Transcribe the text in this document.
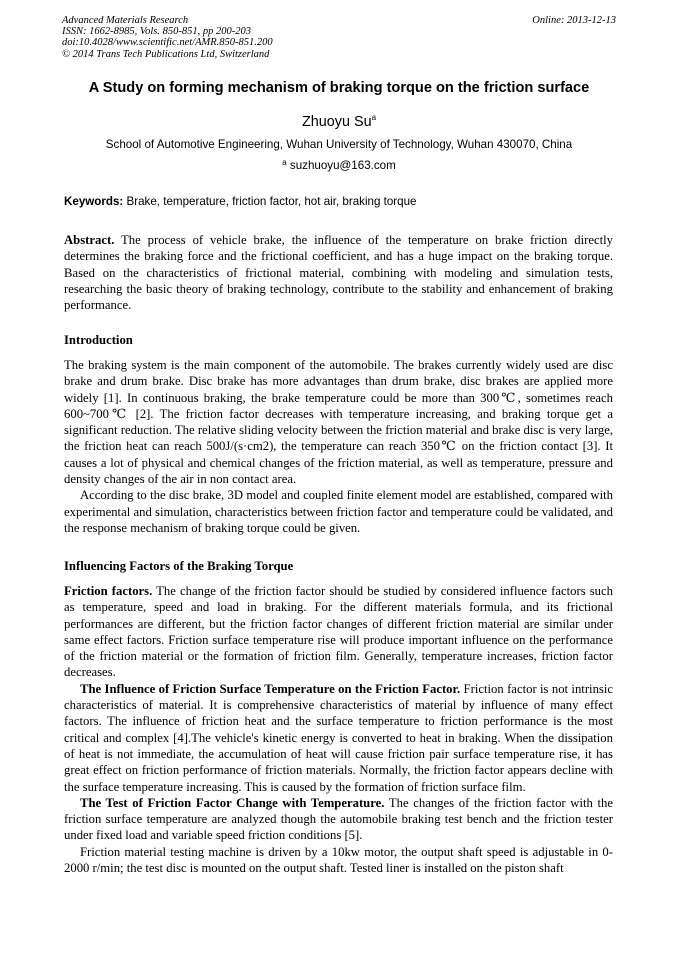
Advanced Materials Research
ISSN: 1662-8985, Vols. 850-851, pp 200-203
doi:10.4028/www.scientific.net/AMR.850-851.200
© 2014 Trans Tech Publications Ltd, Switzerland
Online: 2013-12-13
A Study on forming mechanism of braking torque on the friction surface
Zhuoyu Su$^a$
School of Automotive Engineering, Wuhan University of Technology, Wuhan 430070, China
$^a$ suzhuoyu@163.com
Keywords: Brake, temperature, friction factor, hot air, braking torque

Abstract. The process of vehicle brake, the influence of the temperature on brake friction directly determines the braking force and the frictional coefficient, and has a huge impact on the braking torque. Based on the characteristics of frictional material, combining with modeling and simulation tests, researching the basic theory of braking technology, contribute to the stability and enhancement of braking performance.

Introduction

The braking system is the main component of the automobile. The brakes currently widely used are disc brake and drum brake. Disc brake has more advantages than drum brake, disc brakes are applied more widely [1]. In continuous braking, the brake temperature could be more than 300℃, sometimes reach 600~700℃ [2]. The friction factor decreases with temperature increasing, and braking torque get a significant reduction. The relative sliding velocity between the friction material and brake disc is very large, the friction heat can reach 500J/(s·cm2), the temperature can reach 350℃ on the friction contact [3]. It causes a lot of physical and chemical changes of the friction material, as well as temperature, pressure and density changes of the air in non contact area.

According to the disc brake, 3D model and coupled finite element model are established, compared with experimental and simulation, characteristics between friction factor and temperature could be validated, and the response mechanism of braking torque could be given.

Influencing Factors of the Braking Torque

Friction factors. The change of the friction factor should be studied by considered influence factors such as temperature, speed and load in braking. For the different materials formula, and its frictional performances are different, but the friction factor changes of different friction material are similar under same effect factors. Friction surface temperature rise will produce important influence on the performance of the friction material or the formation of friction film. Generally, temperature increases, friction factor decreases.

The Influence of Friction Surface Temperature on the Friction Factor. Friction factor is not intrinsic characteristics of material. It is comprehensive characteristics of material by influence of many effect factors. The influence of friction heat and the surface temperature to friction performance is the most critical and complex [4].The vehicle's kinetic energy is converted to heat in braking. When the dissipation of heat is not immediate, the accumulation of heat will cause friction pair surface temperature rise, it has great effect on friction performance of friction materials. Normally, the friction factor appears decline with the surface temperature increasing. This is caused by the formation of friction surface film.

The Test of Friction Factor Change with Temperature. The changes of the friction factor with the friction surface temperature are analyzed though the automobile braking test bench and the friction tester under fixed load and variable speed friction conditions [5].

Friction material testing machine is driven by a 10kw motor, the output shaft speed is adjustable in 0-2000 r/min; the test disc is mounted on the output shaft. Tested liner is installed on the piston shaft
